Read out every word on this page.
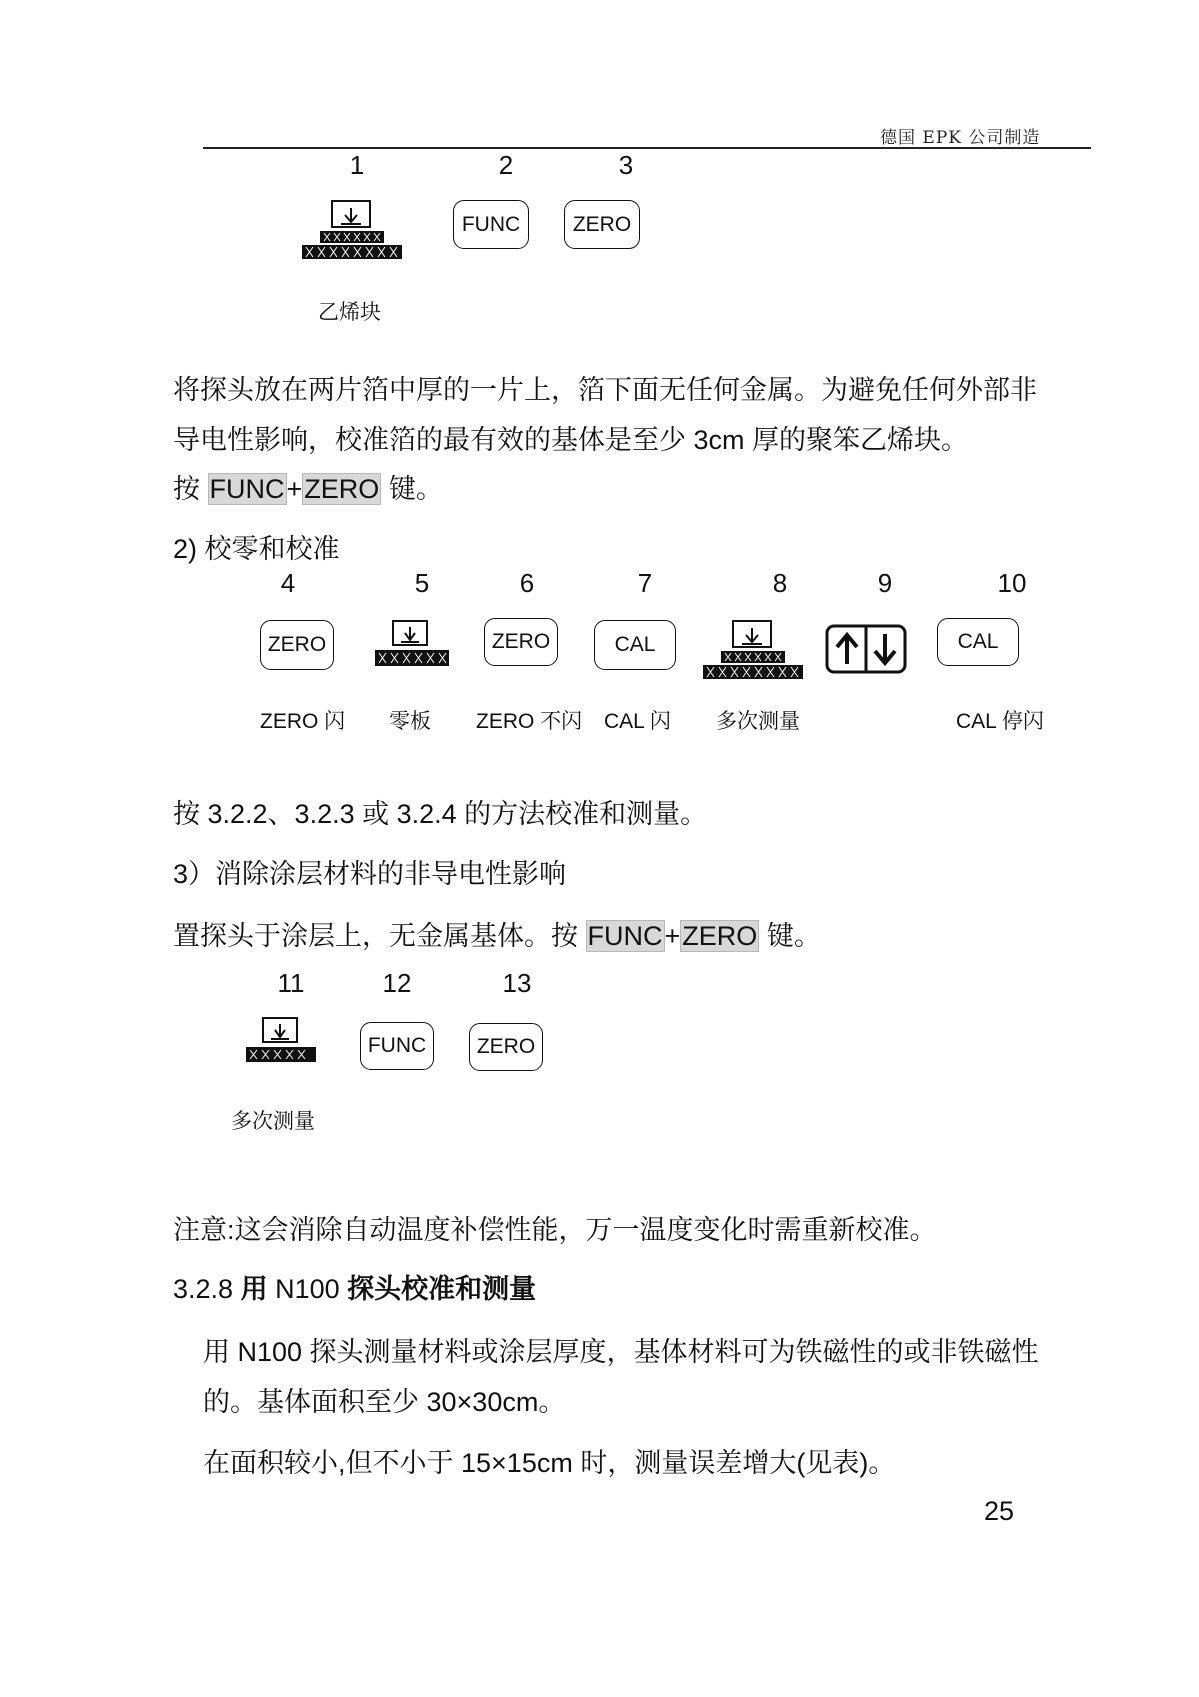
德国 EPK 公司制造
1	2	3
乙烯块
FUNC	ZERO
将探头放在两片箔中厚的一片上，箔下面无任何金属。为避免任何外部非
导电性影响，校准箔的最有效的基体是至少 3cm 厚的聚笨乙烯块。
按 FUNC+ZERO 键。
2) 校零和校准
4	5	6	7	8	9	10
ZERO	ZERO	CAL	CAL
ZERO 闪 零板 ZERO 不闪 CAL 闪 多次测量	CAL 停闪
按 3.2.2、3.2.3 或 3.2.4 的方法校准和测量。
3）消除涂层材料的非导电性影响
置探头于涂层上，无金属基体。按 FUNC+ZERO 键。
11	12	13
FUNC	ZERO
多次测量
注意:这会消除自动温度补偿性能，万一温度变化时需重新校准。
3.2.8 用 N100 探头校准和测量
用 N100 探头测量材料或涂层厚度，基体材料可为铁磁性的或非铁磁性
的。基体面积至少 30×30cm。
在面积较小,但不小于 15×15cm 时，测量误差增大(见表)。
25
